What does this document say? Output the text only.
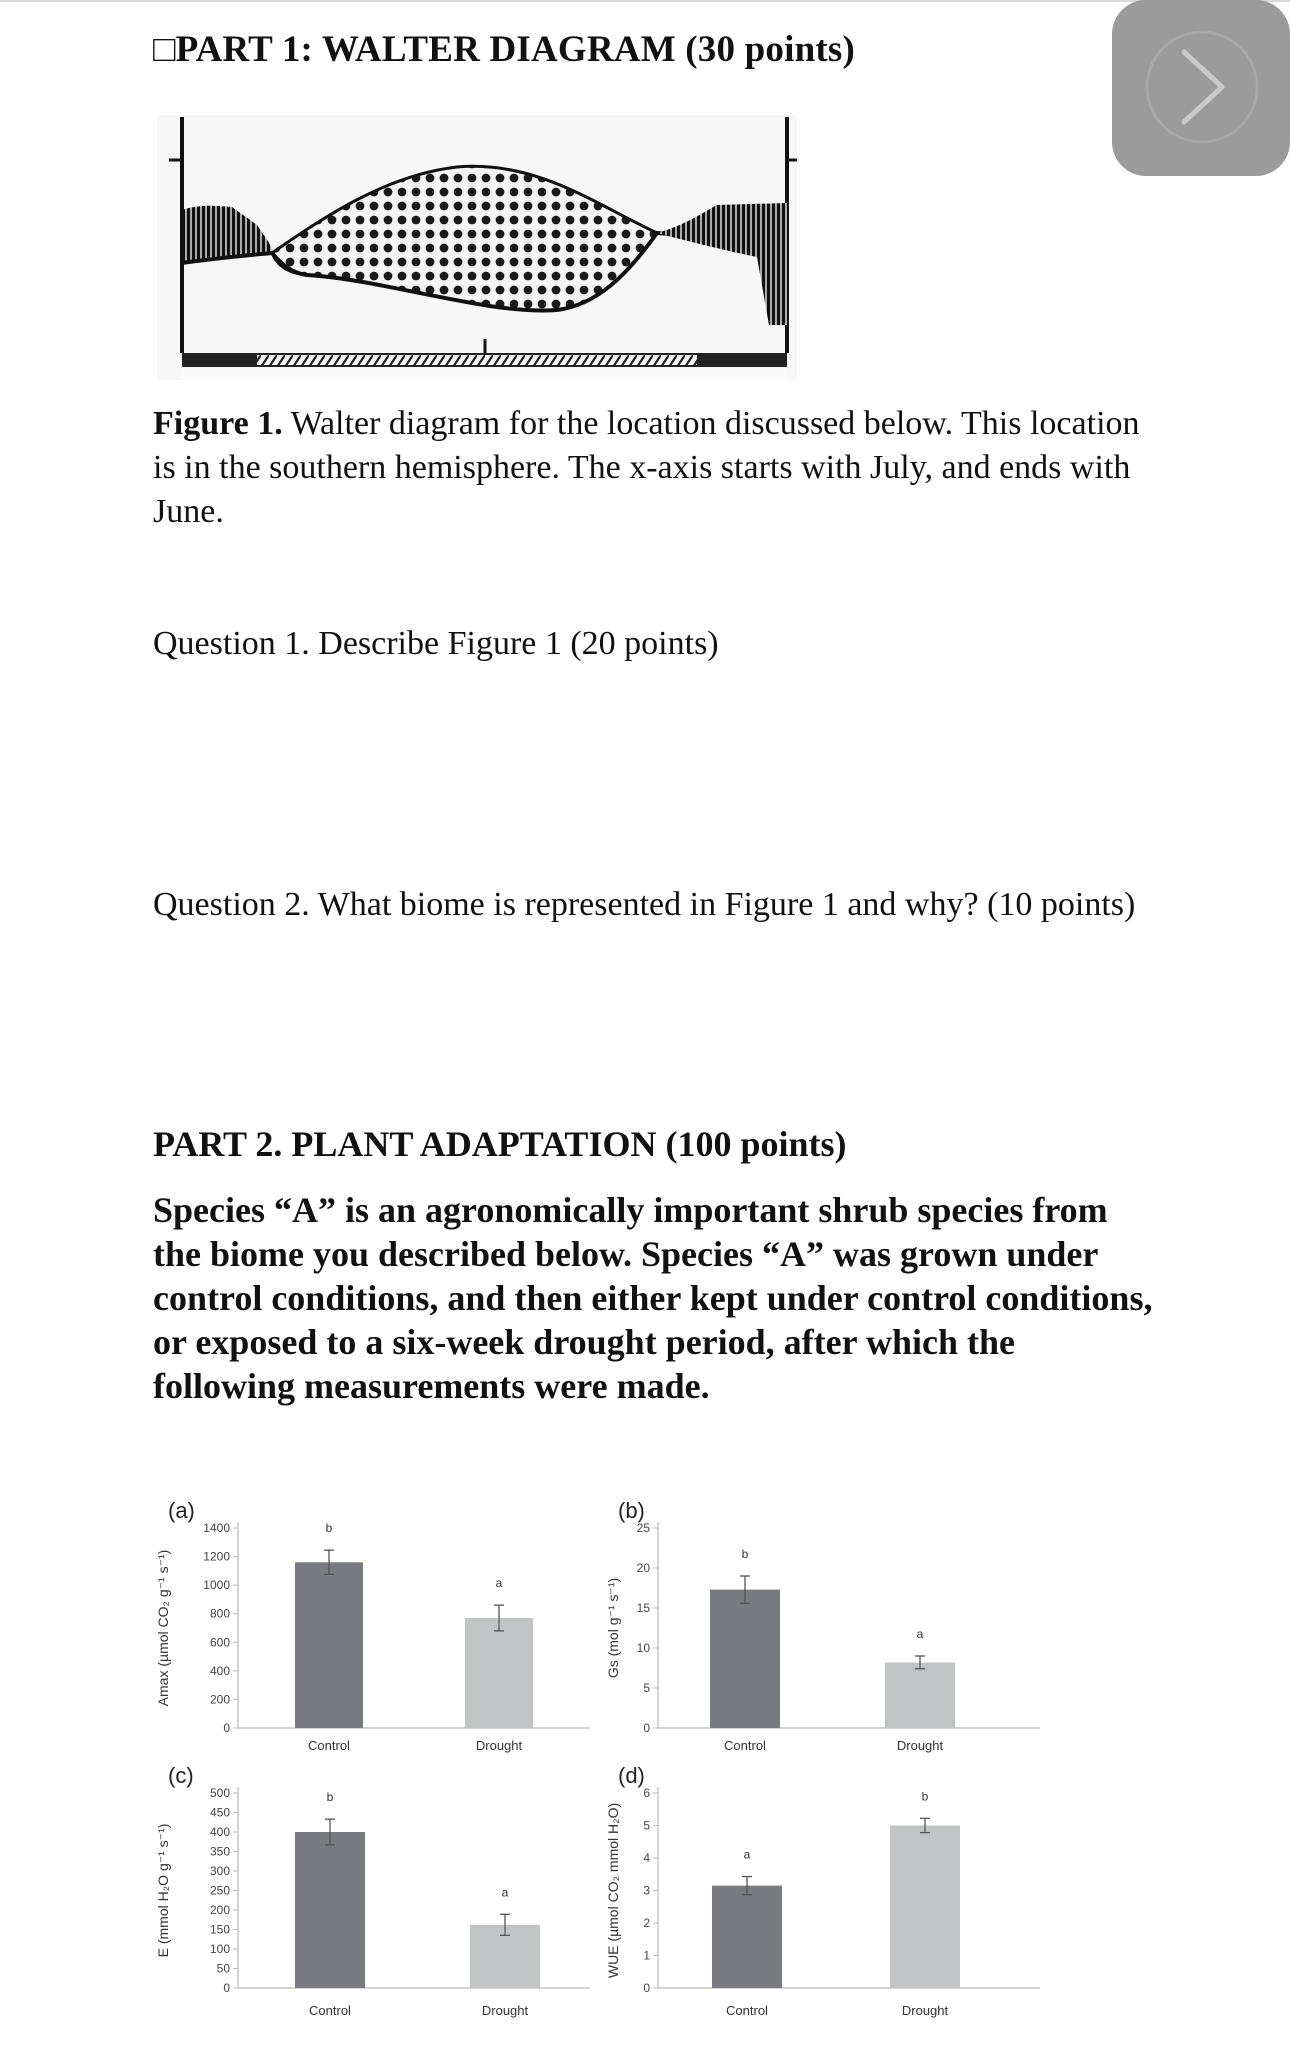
□PART 1: WALTER DIAGRAM (30 points)

Figure 1. Walter diagram for the location discussed below. This location is in the southern hemisphere. The x-axis starts with July, and ends with June.

Question 1. Describe Figure 1 (20 points)

Question 2. What biome is represented in Figure 1 and why? (10 points)

PART 2. PLANT ADAPTATION (100 points)

Species “A” is an agronomically important shrub species from the biome you described below. Species “A” was grown under control conditions, and then either kept under control conditions, or exposed to a six-week drought period, after which the following measurements were made.

(a)
Amax (µmol CO₂ g⁻¹ s⁻¹)
0
200
400
600
800
1000
1200
1400	b
Control
a
Drought
(b)
Gs (mol g⁻¹ s⁻¹)
0
5
10
15
20
25
b
Control
a
Drought
(c)
E (mmol H₂O g⁻¹ s⁻¹)
0
50
100
150
200
250
300
350
400
450
500	b
Control
a
Drought
(d)
WUE (µmol CO₂ mmol H₂O)
0
1
2
3
4
5
6
a
Control
b
Drought
